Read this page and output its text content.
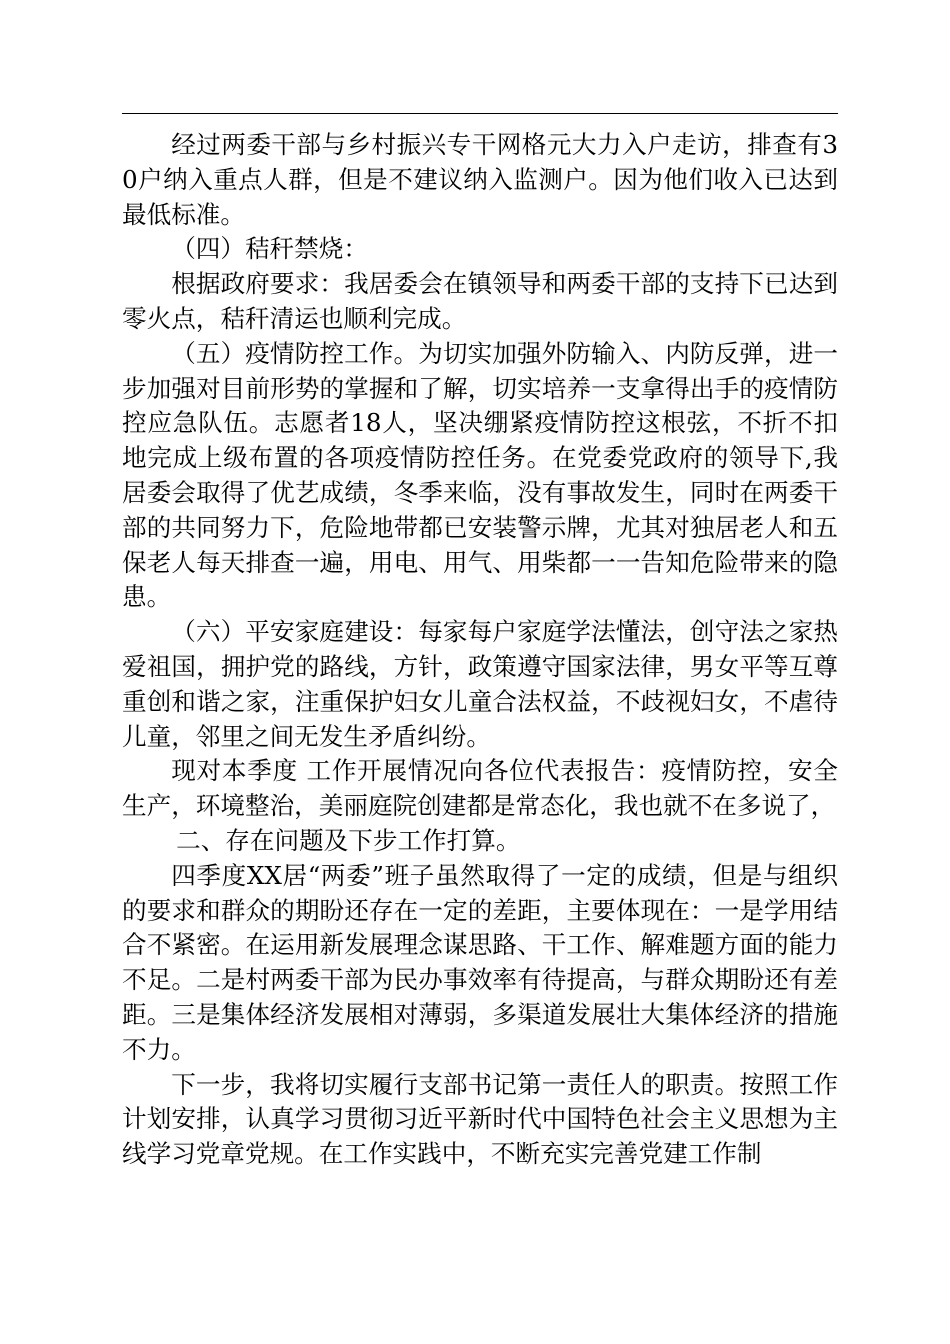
经过两委干部与乡村振兴专干网格元大力入户走访，排查有30户纳入重点人群，但是不建议纳入监测户。因为他们收入已达到最低标准。

（四）秸秆禁烧：

根据政府要求：我居委会在镇领导和两委干部的支持下已达到零火点，秸秆清运也顺利完成。

（五）疫情防控工作。为切实加强外防输入、内防反弹，进一步加强对目前形势的掌握和了解，切实培养一支拿得出手的疫情防控应急队伍。志愿者18人，坚决绷紧疫情防控这根弦，不折不扣地完成上级布置的各项疫情防控任务。在党委党政府的领导下,我居委会取得了优艺成绩，冬季来临，没有事故发生，同时在两委干部的共同努力下，危险地带都已安装警示牌，尤其对独居老人和五保老人每天排查一遍，用电、用气、用柴都一一告知危险带来的隐患。

（六）平安家庭建设：每家每户家庭学法懂法，创守法之家热爱祖国，拥护党的路线，方针，政策遵守国家法律，男女平等互尊重创和谐之家，注重保护妇女儿童合法权益，不歧视妇女，不虐待儿童，邻里之间无发生矛盾纠纷。

现对本季度 工作开展情况向各位代表报告：疫情防控，安全生产，环境整治，美丽庭院创建都是常态化，我也就不在多说了，

二、存在问题及下步工作打算。

四季度XX居“两委”班子虽然取得了一定的成绩，但是与组织的要求和群众的期盼还存在一定的差距，主要体现在：一是学用结合不紧密。在运用新发展理念谋思路、干工作、解难题方面的能力不足。二是村两委干部为民办事效率有待提高，与群众期盼还有差距。三是集体经济发展相对薄弱，多渠道发展壮大集体经济的措施不力。

下一步，我将切实履行支部书记第一责任人的职责。按照工作计划安排，认真学习贯彻习近平新时代中国特色社会主义思想为主线学习党章党规。在工作实践中，不断充实完善党建工作制
